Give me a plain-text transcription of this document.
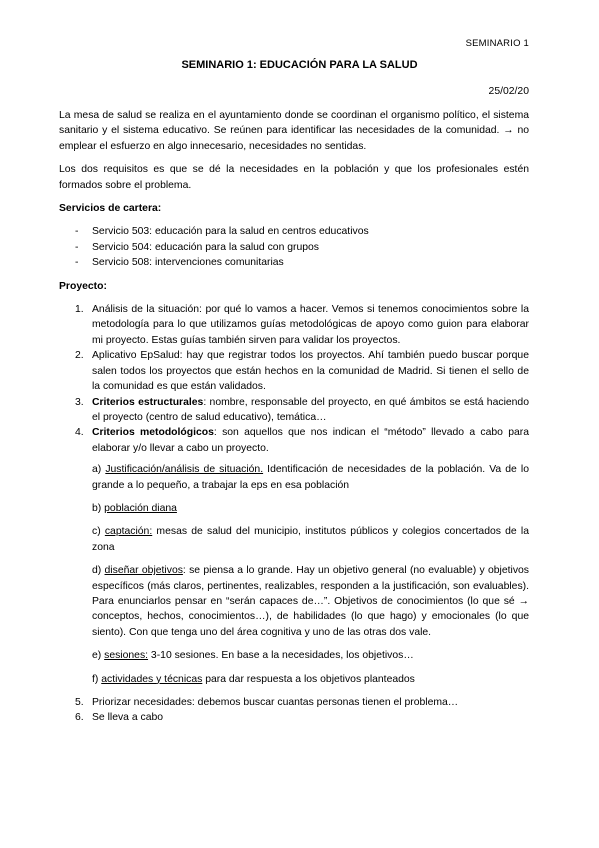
SEMINARIO 1
SEMINARIO 1: EDUCACIÓN PARA LA SALUD
25/02/20

La mesa de salud se realiza en el ayuntamiento donde se coordinan el organismo político, el sistema sanitario y el sistema educativo. Se reúnen para identificar las necesidades de la comunidad. → no emplear el esfuerzo en algo innecesario, necesidades no sentidas.

Los dos requisitos es que se dé la necesidades en la población y que los profesionales estén formados sobre el problema.

Servicios de cartera:
- Servicio 503: educación para la salud en centros educativos
- Servicio 504: educación para la salud con grupos
- Servicio 508: intervenciones comunitarias
Proyecto:
1. Análisis de la situación: por qué lo vamos a hacer. Vemos si tenemos conocimientos sobre la metodología para lo que utilizamos guías metodológicas de apoyo como guion para elaborar mi proyecto. Estas guías también sirven para validar los proyectos.
2. Aplicativo EpSalud: hay que registrar todos los proyectos. Ahí también puedo buscar porque salen todos los proyectos que están hechos en la comunidad de Madrid. Si tienen el sello de la comunidad es que están validados.
3. Criterios estructurales: nombre, responsable del proyecto, en qué ámbitos se está haciendo el proyecto (centro de salud educativo), temática…
4. Criterios metodológicos: son aquellos que nos indican el “método” llevado a cabo para elaborar y/o llevar a cabo un proyecto.
a) Justificación/análisis de situación. Identificación de necesidades de la población. Va de lo grande a lo pequeño, a trabajar la eps en esa población
b) población diana
c) captación: mesas de salud del municipio, institutos públicos y colegios concertados de la zona
d) diseñar objetivos: se piensa a lo grande. Hay un objetivo general (no evaluable) y objetivos específicos (más claros, pertinentes, realizables, responden a la justificación, son evaluables). Para enunciarlos pensar en “serán capaces de…”. Objetivos de conocimientos (lo que sé → conceptos, hechos, conocimientos…), de habilidades (lo que hago) y emocionales (lo que siento). Con que tenga uno del área cognitiva y uno de las otras dos vale.
e) sesiones: 3-10 sesiones. En base a la necesidades, los objetivos…
f) actividades y técnicas para dar respuesta a los objetivos planteados
5. Priorizar necesidades: debemos buscar cuantas personas tienen el problema…
6. Se lleva a cabo
